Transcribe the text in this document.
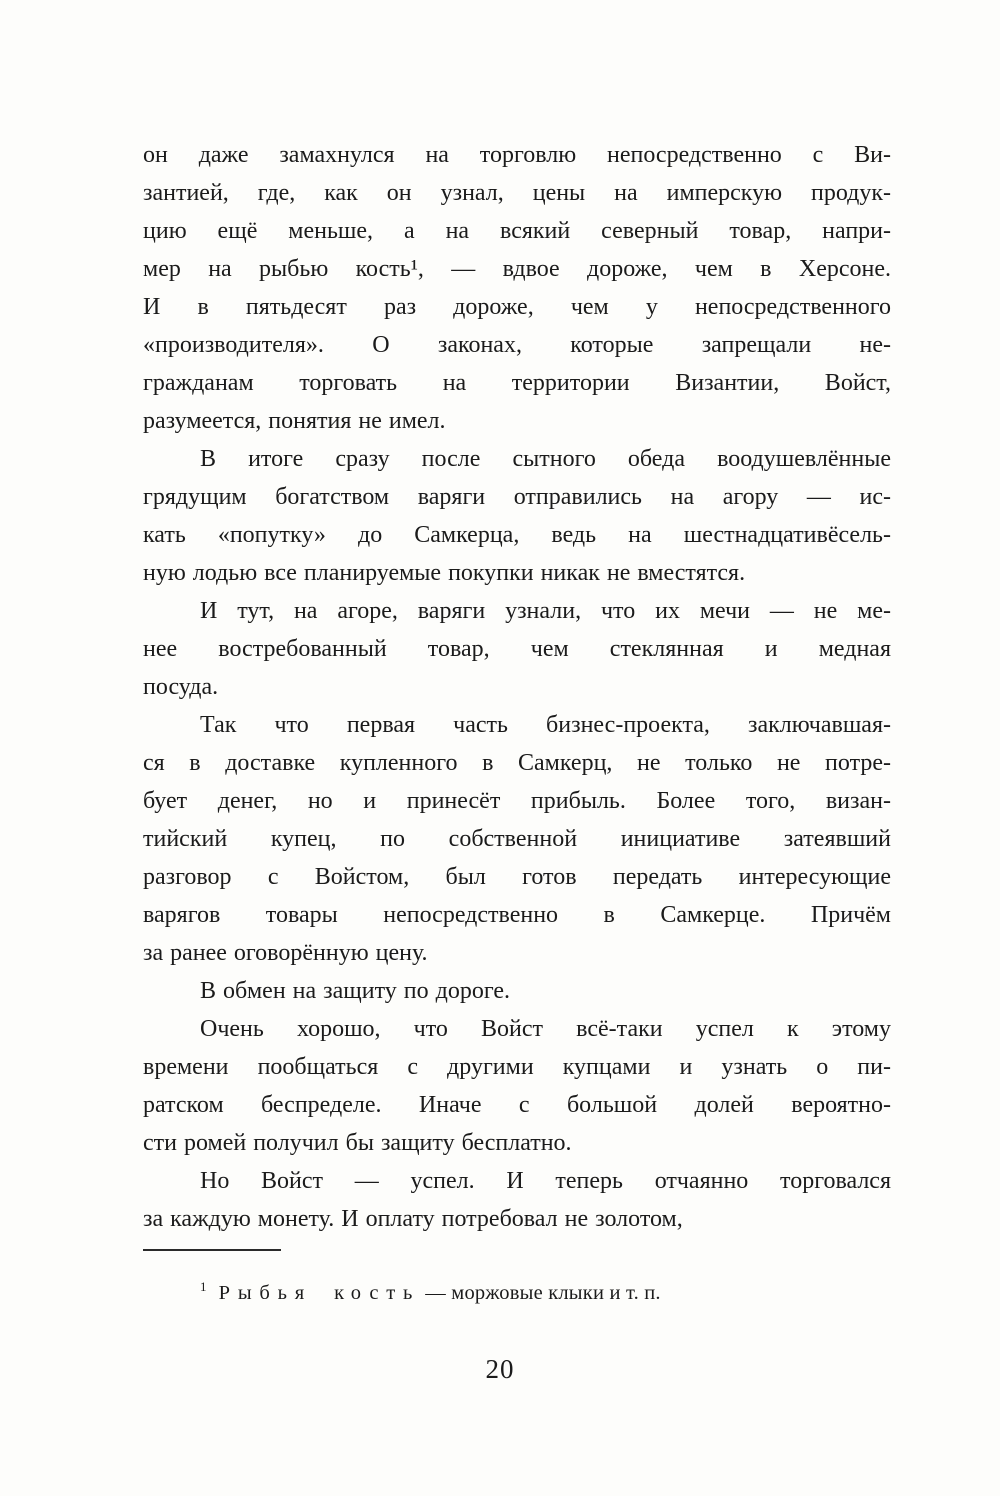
он даже замахнулся на торговлю непосредственно с Ви-
зантией, где, как он узнал, цены на имперскую продук-
цию ещё меньше, а на всякий северный товар, напри-
мер на рыбью кость¹, — вдвое дороже, чем в Херсоне.
И в пятьдесят раз дороже, чем у непосредственного
«производителя». О законах, которые запрещали не-
гражданам торговать на территории Византии, Войст,
разумеется, понятия не имел.
В итоге сразу после сытного обеда воодушевлённые
грядущим богатством варяги отправились на агору — ис-
кать «попутку» до Самкерца, ведь на шестнадцативёсель-
ную лодью все планируемые покупки никак не вместятся.
И тут, на агоре, варяги узнали, что их мечи — не ме-
нее востребованный товар, чем стеклянная и медная
посуда.
Так что первая часть бизнес-проекта, заключавшая-
ся в доставке купленного в Самкерц, не только не потре-
бует денег, но и принесёт прибыль. Более того, визан-
тийский купец, по собственной инициативе затеявший
разговор с Войстом, был готов передать интересующие
варягов товары непосредственно в Самкерце. Причём
за ранее оговорённую цену.
В обмен на защиту по дороге.
Очень хорошо, что Войст всё-таки успел к этому
времени пообщаться с другими купцами и узнать о пи-
ратском беспределе. Иначе с большой долей вероятно-
сти ромей получил бы защиту бесплатно.
Но Войст — успел. И теперь отчаянно торговался
за каждую монету. И оплату потребовал не золотом,
$^1$ Рыбья кость — моржовые клыки и т. п.
20
